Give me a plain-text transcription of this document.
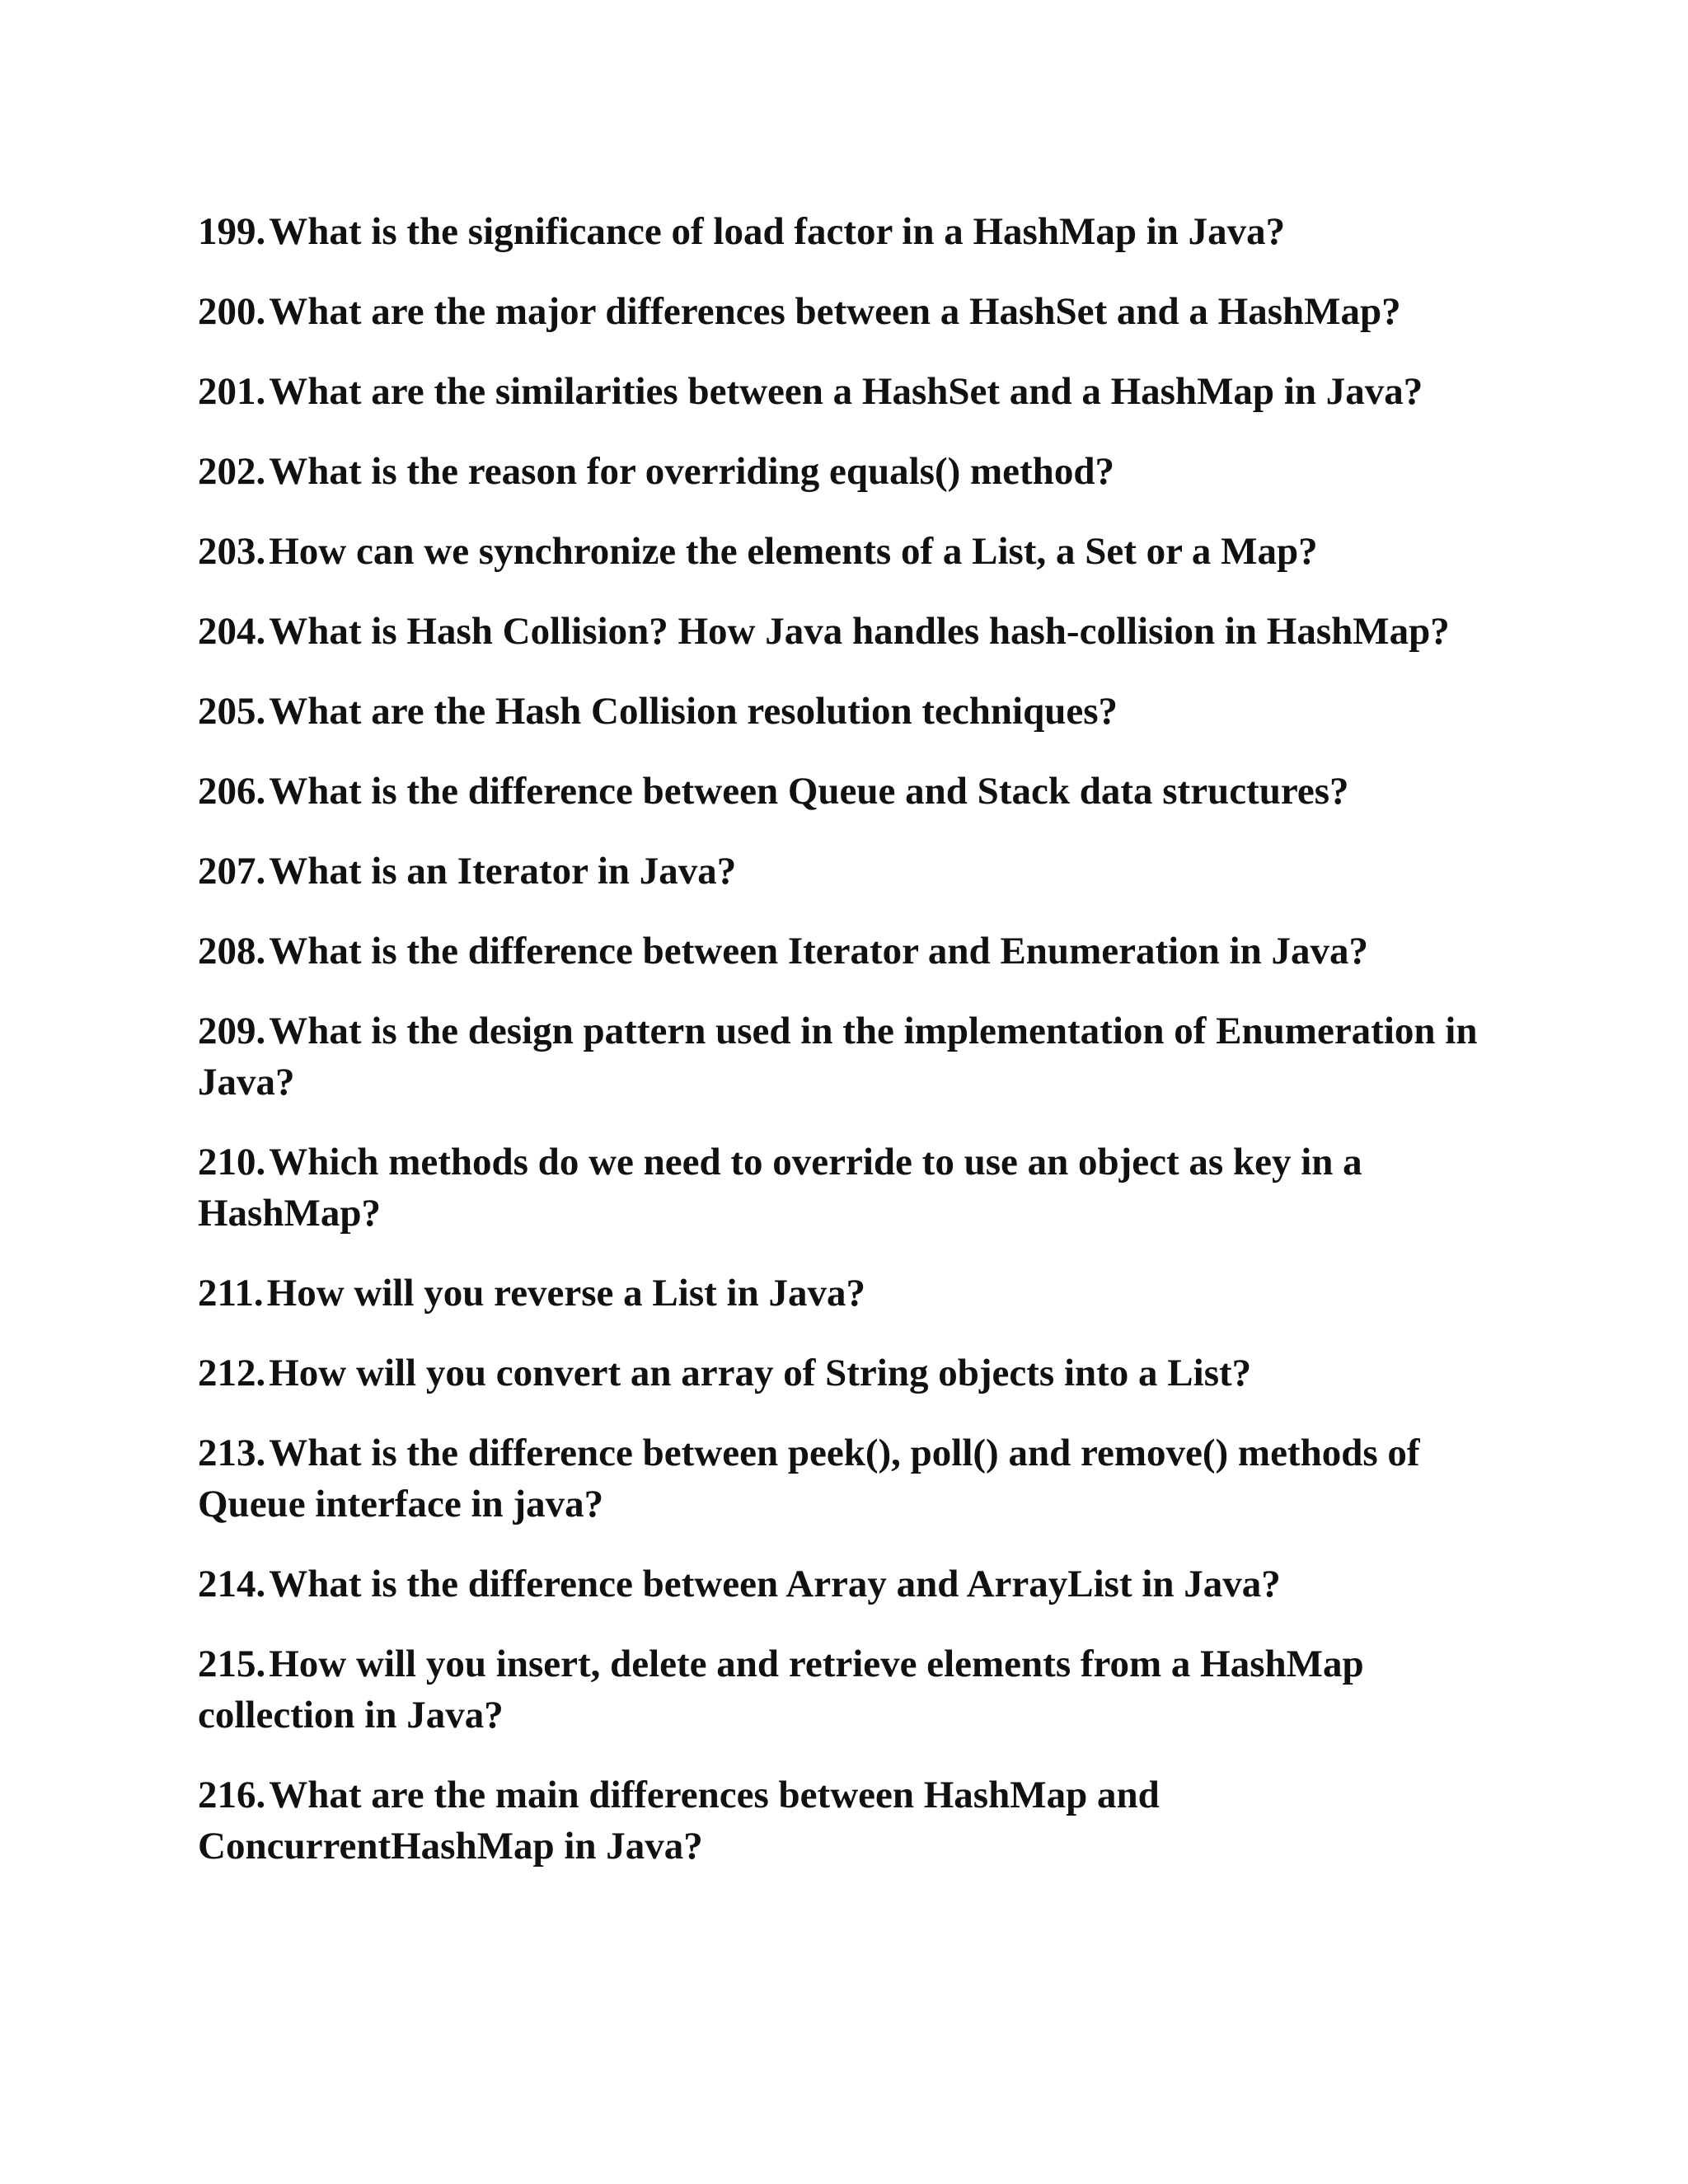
199.What is the significance of load factor in a HashMap in Java?
200.What are the major differences between a HashSet and a HashMap?
201.What are the similarities between a HashSet and a HashMap in Java?
202.What is the reason for overriding equals() method?
203.How can we synchronize the elements of a List, a Set or a Map?
204.What is Hash Collision? How Java handles hash-collision in HashMap?
205.What are the Hash Collision resolution techniques?
206.What is the difference between Queue and Stack data structures?
207.What is an Iterator in Java?
208.What is the difference between Iterator and Enumeration in Java?
209.What is the design pattern used in the implementation of Enumeration in Java?
210.Which methods do we need to override to use an object as key in a HashMap?
211.How will you reverse a List in Java?
212.How will you convert an array of String objects into a List?
213.What is the difference between peek(), poll() and remove() methods of Queue interface in java?
214.What is the difference between Array and ArrayList in Java?
215.How will you insert, delete and retrieve elements from a HashMap collection in Java?
216.What are the main differences between HashMap and ConcurrentHashMap in Java?
